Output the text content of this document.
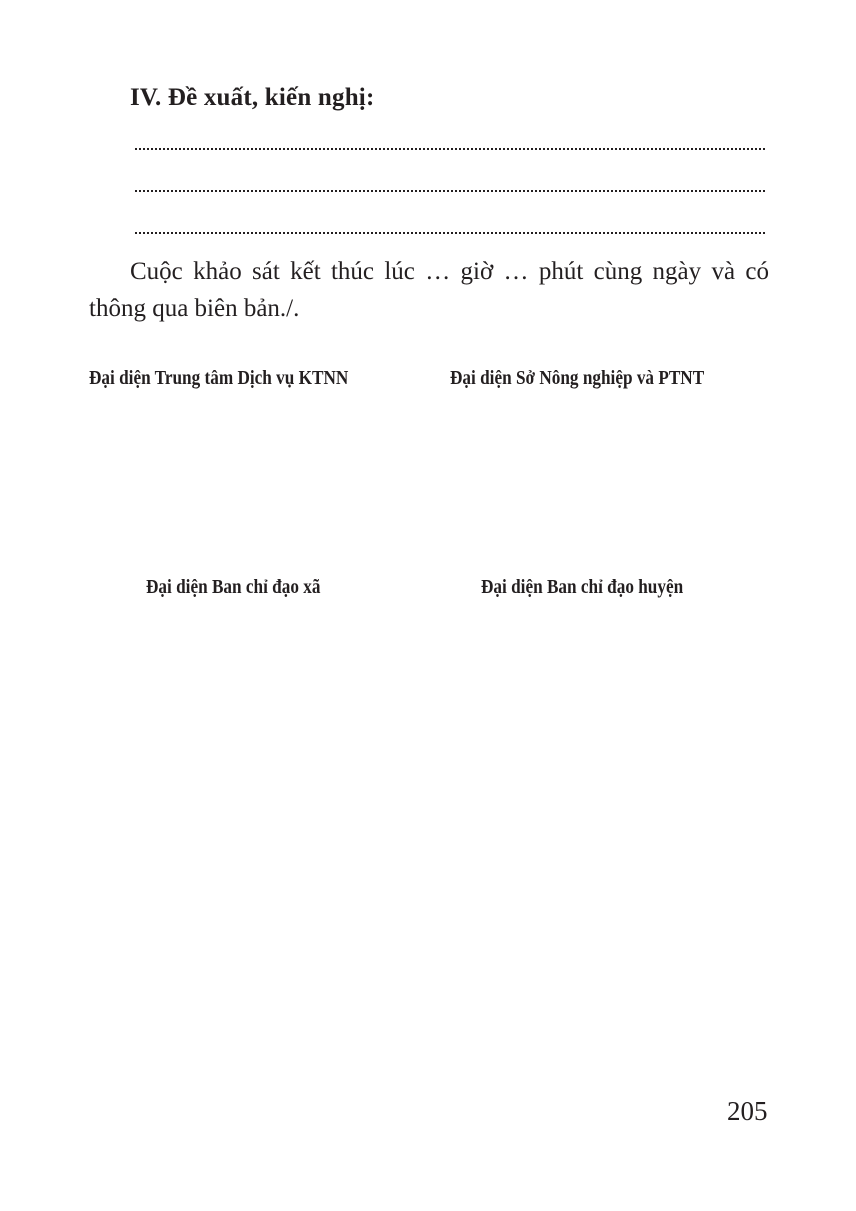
IV. Đề xuất, kiến nghị:
Cuộc khảo sát kết thúc lúc … giờ … phút cùng ngày và có
thông qua biên bản./.
Đại diện Trung tâm Dịch vụ KTNN	Đại diện Sở Nông nghiệp và PTNT
Đại diện Ban chỉ đạo xã	Đại diện Ban chỉ đạo huyện
205
